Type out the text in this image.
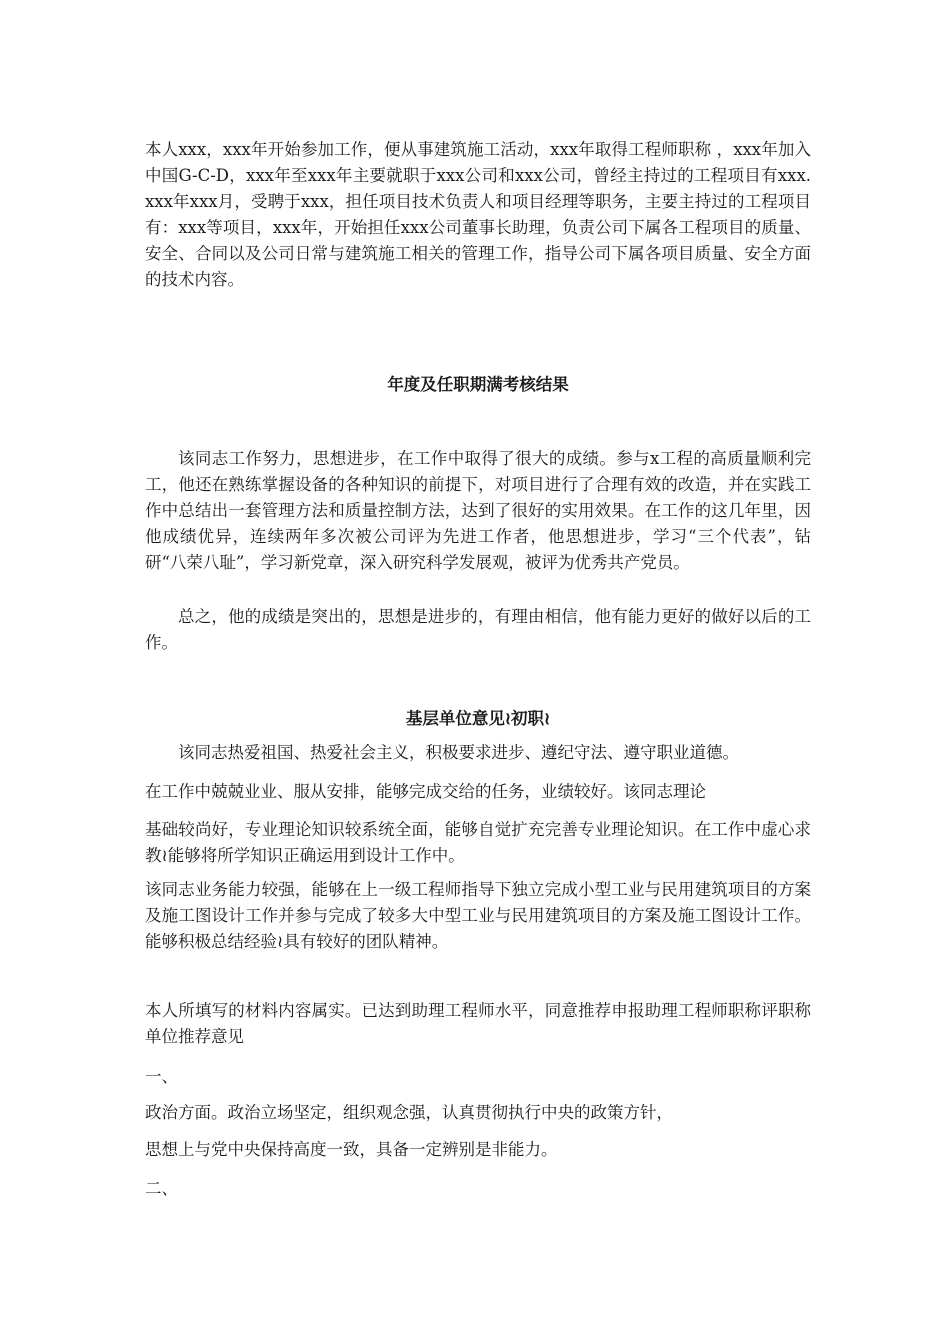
本人xxx，xxx年开始参加工作，便从事建筑施工活动，xxx年取得工程师职称 ，xxx年加入中国G-C-D，xxx年至xxx年主要就职于xxx公司和xxx公司，曾经主持过的工程项目有xxx.xxx年xxx月，受聘于xxx，担任项目技术负责人和项目经理等职务，主要主持过的工程项目有：xxx等项目，xxx年，开始担任xxx公司董事长助理，负责公司下属各工程项目的质量、安全、合同以及公司日常与建筑施工相关的管理工作，指导公司下属各项目质量、安全方面的技术内容。

年度及任职期满考核结果

该同志工作努力，思想进步，在工作中取得了很大的成绩。参与x工程的高质量顺利完工，他还在熟练掌握设备的各种知识的前提下，对项目进行了合理有效的改造，并在实践工作中总结出一套管理方法和质量控制方法，达到了很好的实用效果。在工作的这几年里，因他成绩优异，连续两年多次被公司评为先进工作者，他思想进步，学习“三个代表”，钻研“八荣八耻”，学习新党章，深入研究科学发展观，被评为优秀共产党员。

总之，他的成绩是突出的，思想是进步的，有理由相信，他有能力更好的做好以后的工作。

基层单位意见≀初职≀

该同志热爱祖国、热爱社会主义，积极要求进步、遵纪守法、遵守职业道德。

在工作中兢兢业业、服从安排，能够完成交给的任务，业绩较好。该同志理论

基础较尚好，专业理论知识较系统全面，能够自觉扩充完善专业理论知识。在工作中虚心求教≀能够将所学知识正确运用到设计工作中。

该同志业务能力较强，能够在上一级工程师指导下独立完成小型工业与民用建筑项目的方案及施工图设计工作并参与完成了较多大中型工业与民用建筑项目的方案及施工图设计工作。能够积极总结经验≀具有较好的团队精神。

本人所填写的材料内容属实。已达到助理工程师水平，同意推荐申报助理工程师职称评职称单位推荐意见

一、

政治方面。政治立场坚定，组织观念强，认真贯彻执行中央的政策方针，

思想上与党中央保持高度一致，具备一定辨别是非能力。

二、
